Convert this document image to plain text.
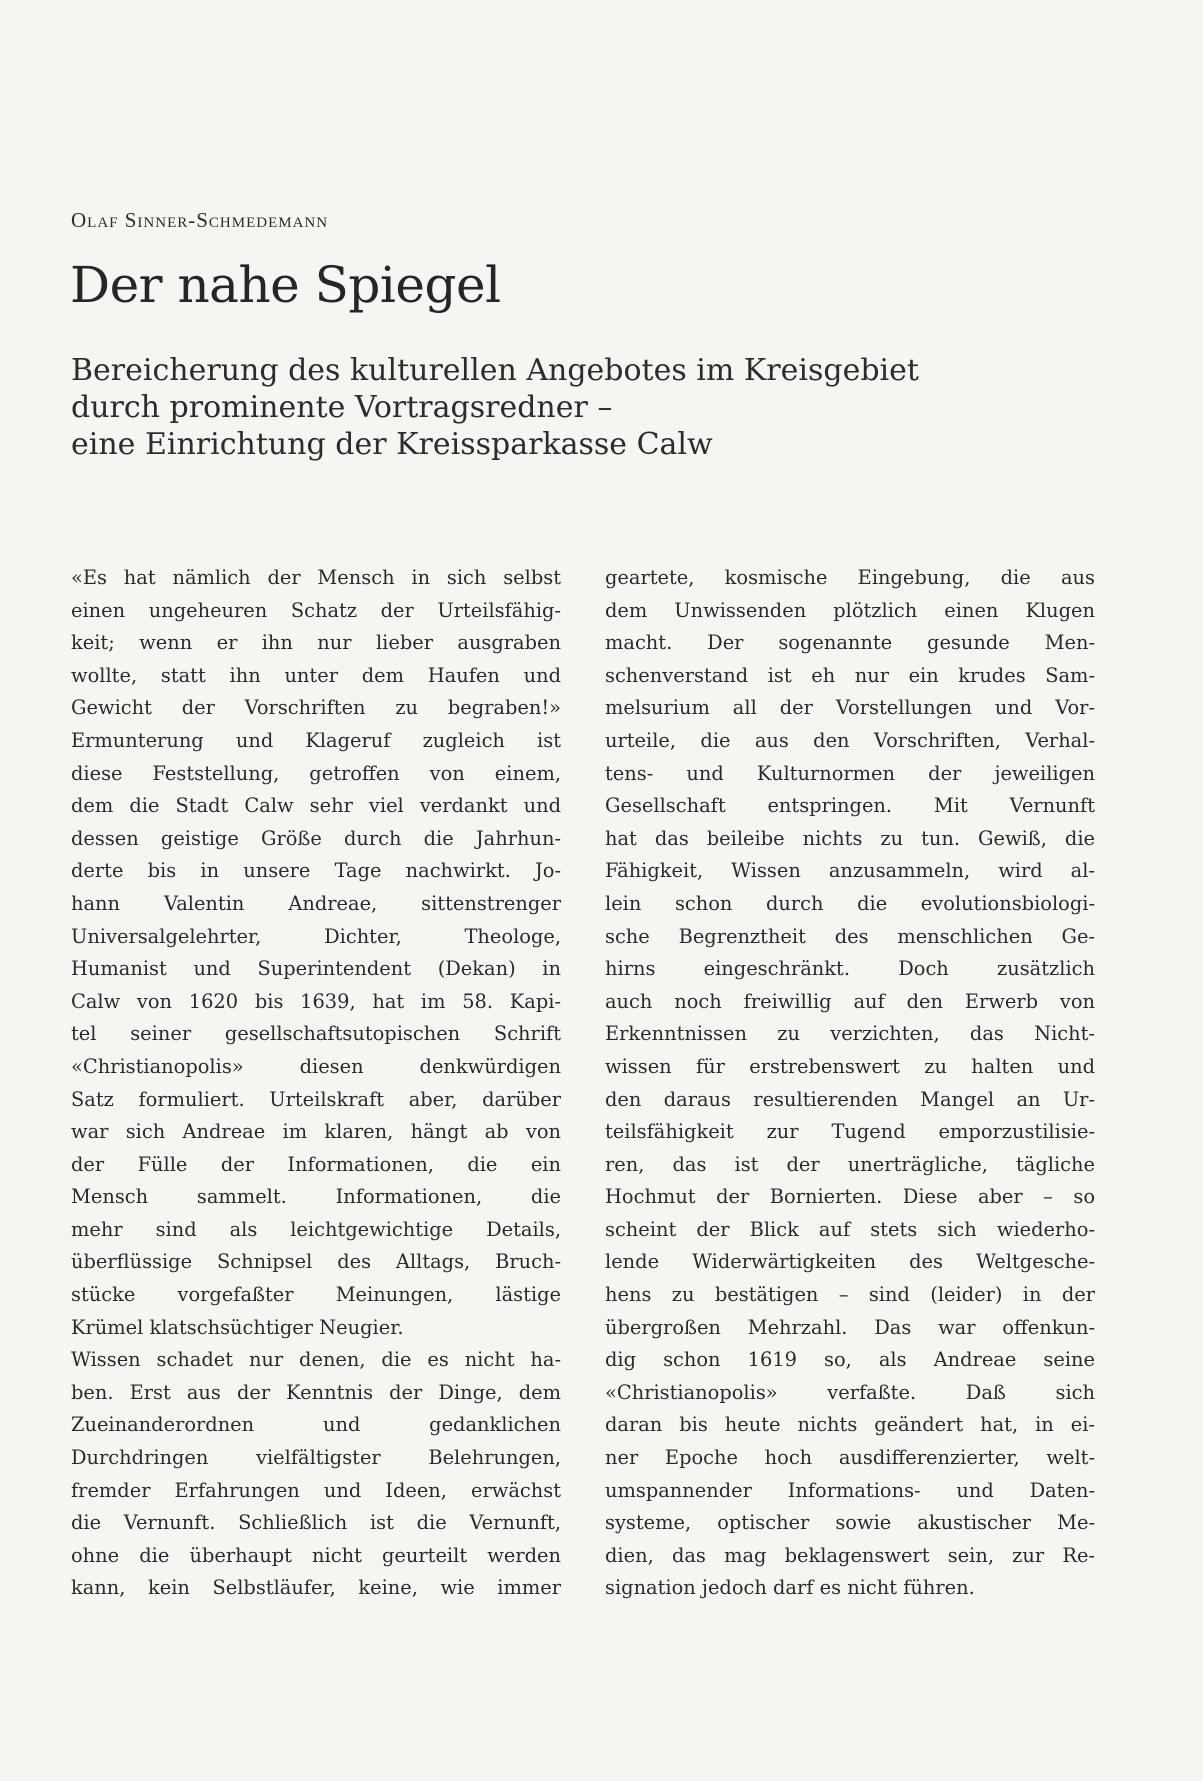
Olaf Sinner-Schmedemann
Der nahe Spiegel
Bereicherung des kulturellen Angebotes im Kreisgebiet
durch prominente Vortragsredner –
eine Einrichtung der Kreissparkasse Calw
«Es hat nämlich der Mensch in sich selbst
einen ungeheuren Schatz der Urteilsfähig-
keit; wenn er ihn nur lieber ausgraben
wollte, statt ihn unter dem Haufen und
Gewicht der Vorschriften zu begraben!»
Ermunterung und Klageruf zugleich ist
diese Feststellung, getroffen von einem,
dem die Stadt Calw sehr viel verdankt und
dessen geistige Größe durch die Jahrhun-
derte bis in unsere Tage nachwirkt. Jo-
hann Valentin Andreae, sittenstrenger
Universalgelehrter, Dichter, Theologe,
Humanist und Superintendent (Dekan) in
Calw von 1620 bis 1639, hat im 58. Kapi-
tel seiner gesellschaftsutopischen Schrift
«Christianopolis» diesen denkwürdigen
Satz formuliert. Urteilskraft aber, darüber
war sich Andreae im klaren, hängt ab von
der Fülle der Informationen, die ein
Mensch sammelt. Informationen, die
mehr sind als leichtgewichtige Details,
überflüssige Schnipsel des Alltags, Bruch-
stücke vorgefaßter Meinungen, lästige
Krümel klatschsüchtiger Neugier.
Wissen schadet nur denen, die es nicht ha-
ben. Erst aus der Kenntnis der Dinge, dem
Zueinanderordnen und gedanklichen
Durchdringen vielfältigster Belehrungen,
fremder Erfahrungen und Ideen, erwächst
die Vernunft. Schließlich ist die Vernunft,
ohne die überhaupt nicht geurteilt werden
kann, kein Selbstläufer, keine, wie immer
geartete, kosmische Eingebung, die aus
dem Unwissenden plötzlich einen Klugen
macht. Der sogenannte gesunde Men-
schenverstand ist eh nur ein krudes Sam-
melsurium all der Vorstellungen und Vor-
urteile, die aus den Vorschriften, Verhal-
tens- und Kulturnormen der jeweiligen
Gesellschaft entspringen. Mit Vernunft
hat das beileibe nichts zu tun. Gewiß, die
Fähigkeit, Wissen anzusammeln, wird al-
lein schon durch die evolutionsbiologi-
sche Begrenztheit des menschlichen Ge-
hirns eingeschränkt. Doch zusätzlich
auch noch freiwillig auf den Erwerb von
Erkenntnissen zu verzichten, das Nicht-
wissen für erstrebenswert zu halten und
den daraus resultierenden Mangel an Ur-
teilsfähigkeit zur Tugend emporzustilisie-
ren, das ist der unerträgliche, tägliche
Hochmut der Bornierten. Diese aber – so
scheint der Blick auf stets sich wiederho-
lende Widerwärtigkeiten des Weltgesche-
hens zu bestätigen – sind (leider) in der
übergroßen Mehrzahl. Das war offenkun-
dig schon 1619 so, als Andreae seine
«Christianopolis» verfaßte. Daß sich
daran bis heute nichts geändert hat, in ei-
ner Epoche hoch ausdifferenzierter, welt-
umspannender Informations- und Daten-
systeme, optischer sowie akustischer Me-
dien, das mag beklagenswert sein, zur Re-
signation jedoch darf es nicht führen.
